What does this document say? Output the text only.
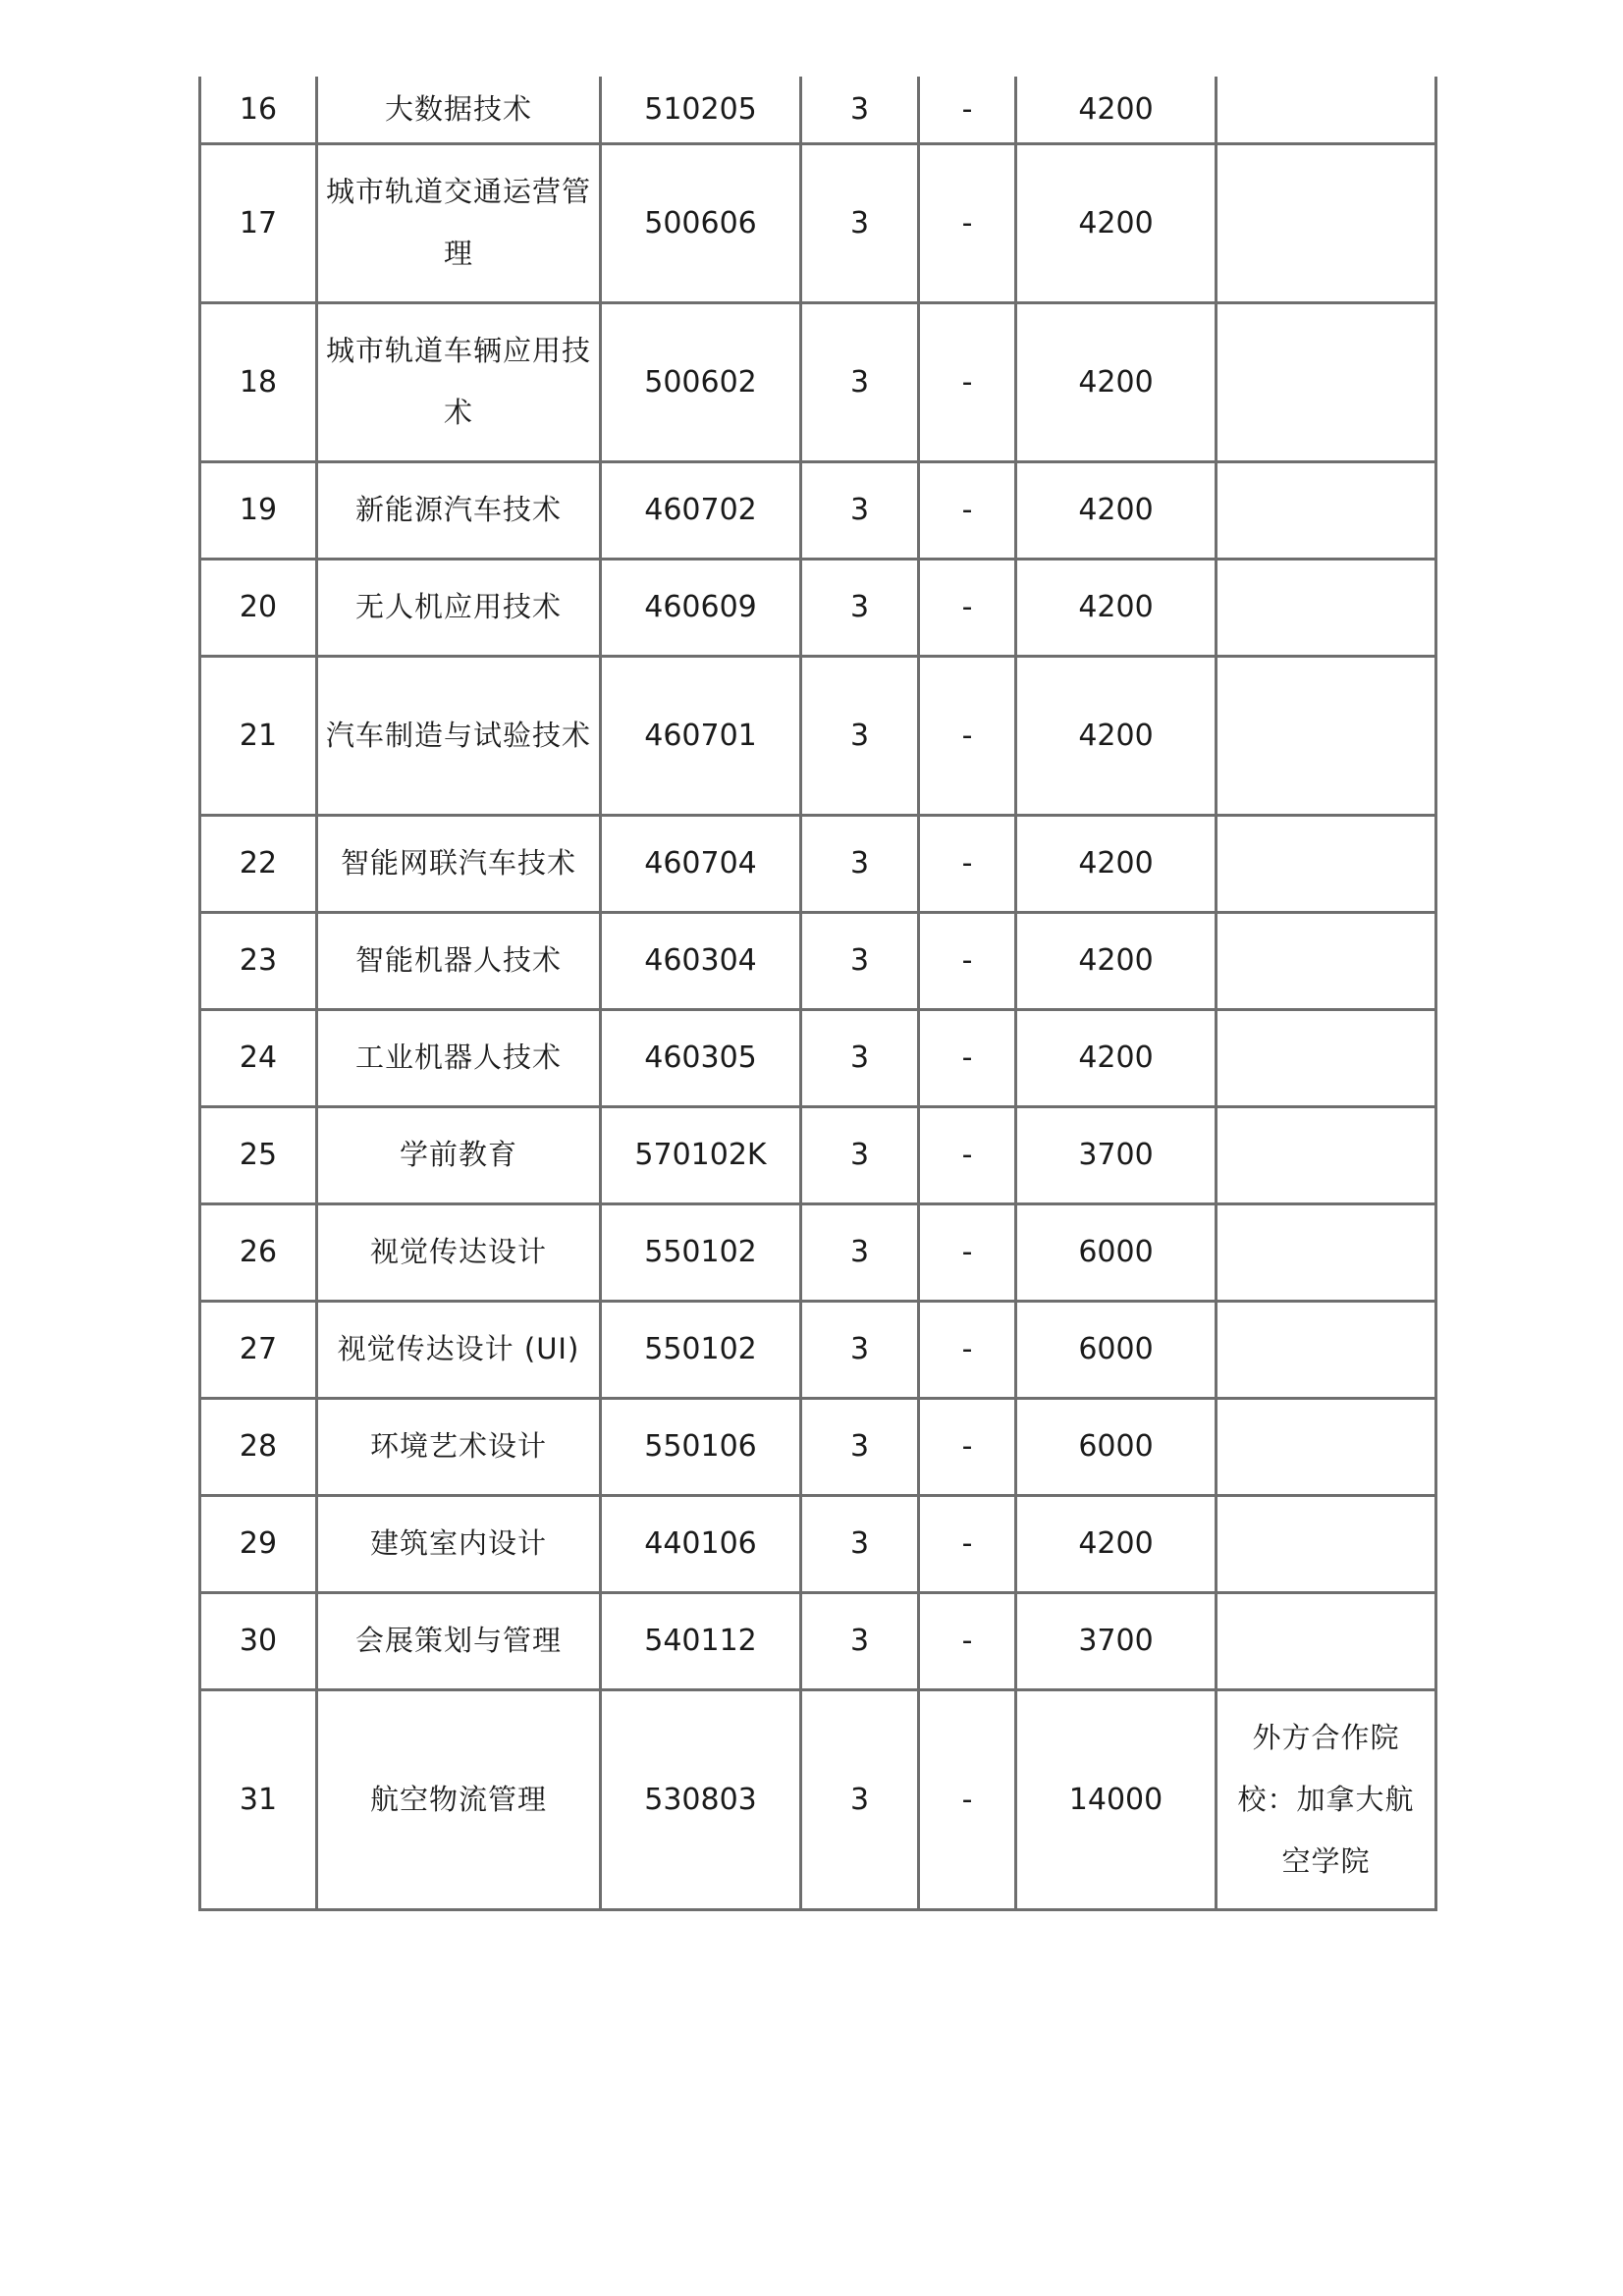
16	大数据技术	510205	3	-	4200	
17	城市轨道交通运营管理	500606	3	-	4200	
18	城市轨道车辆应用技术	500602	3	-	4200	
19	新能源汽车技术	460702	3	-	4200	
20	无人机应用技术	460609	3	-	4200	
21	汽车制造与试验技术	460701	3	-	4200	
22	智能网联汽车技术	460704	3	-	4200	
23	智能机器人技术	460304	3	-	4200	
24	工业机器人技术	460305	3	-	4200	
25	学前教育	570102K	3	-	3700	
26	视觉传达设计	550102	3	-	6000	
27	视觉传达设计 (UI)	550102	3	-	6000	
28	环境艺术设计	550106	3	-	6000	
29	建筑室内设计	440106	3	-	4200	
30	会展策划与管理	540112	3	-	3700	
31	航空物流管理	530803	3	-	14000	外方合作院校：加拿大航空学院
